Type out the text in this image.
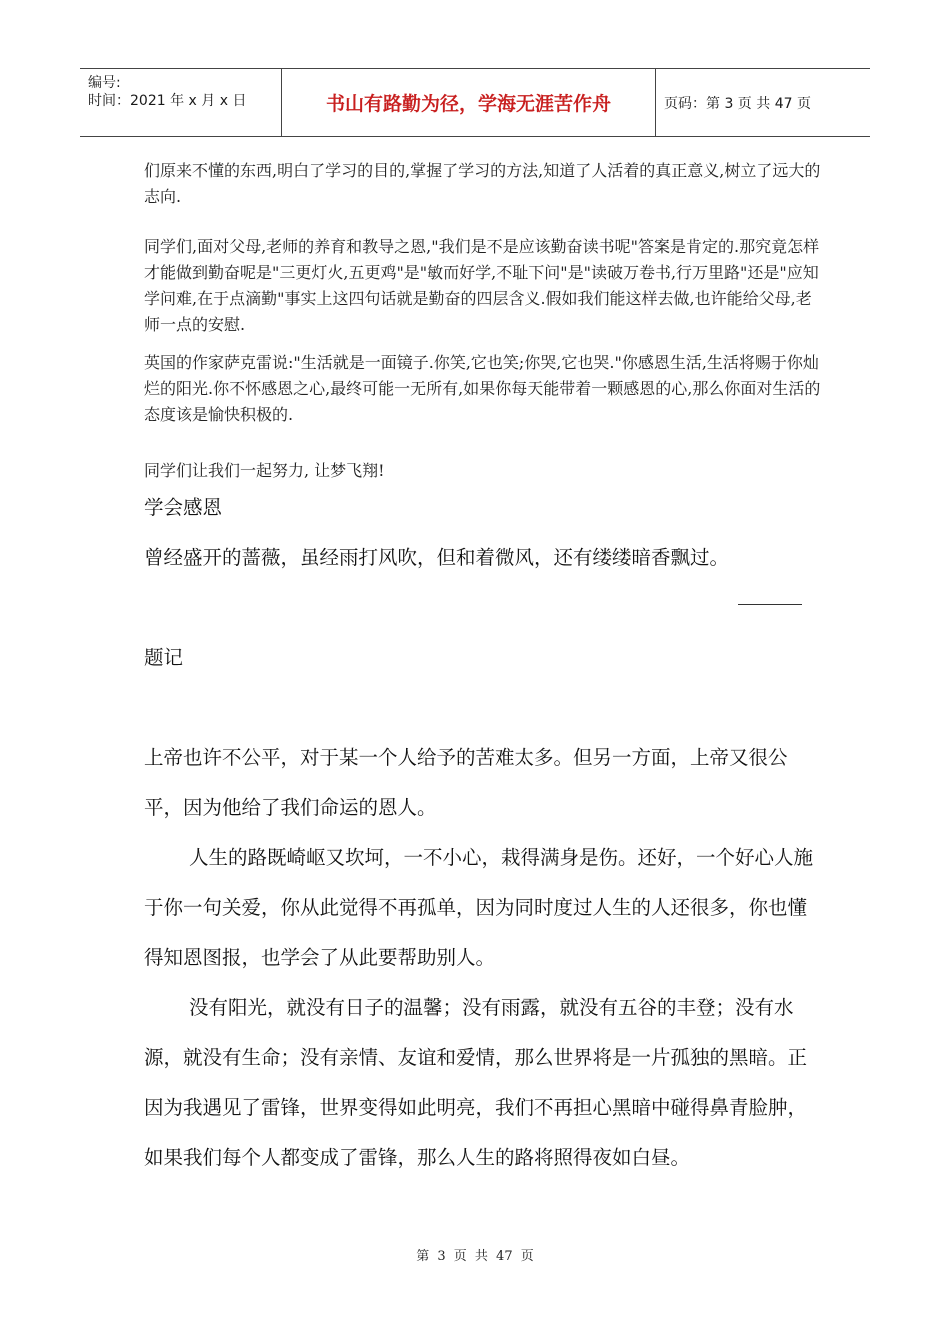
编号:
时间：2021 年 x 月 x 日	书山有路勤为径，学海无涯苦作舟	页码：第 3 页 共 47 页
们原来不懂的东西,明白了学习的目的,掌握了学习的方法,知道了人活着的真正意义,树立了远大的志向.
同学们,面对父母,老师的养育和教导之恩,"我们是不是应该勤奋读书呢"答案是肯定的.那究竟怎样才能做到勤奋呢是"三更灯火,五更鸡"是"敏而好学,不耻下问"是"读破万卷书,行万里路"还是"应知学问难,在于点滴勤"事实上这四句话就是勤奋的四层含义.假如我们能这样去做,也许能给父母,老师一点的安慰.
英国的作家萨克雷说:"生活就是一面镜子.你笑,它也笑;你哭,它也哭."你感恩生活,生活将赐于你灿烂的阳光.你不怀感恩之心,最终可能一无所有,如果你每天能带着一颗感恩的心,那么你面对生活的态度该是愉快积极的.
同学们让我们一起努力, 让梦飞翔!
学会感恩
曾经盛开的蔷薇，虽经雨打风吹，但和着微风，还有缕缕暗香飘过。
题记
上帝也许不公平，对于某一个人给予的苦难太多。但另一方面，上帝又很公平，因为他给了我们命运的恩人。
人生的路既崎岖又坎坷，一不小心，栽得满身是伤。还好，一个好心人施于你一句关爱，你从此觉得不再孤单，因为同时度过人生的人还很多，你也懂得知恩图报，也学会了从此要帮助别人。
没有阳光，就没有日子的温馨；没有雨露，就没有五谷的丰登；没有水源，就没有生命；没有亲情、友谊和爱情，那么世界将是一片孤独的黑暗。正因为我遇见了雷锋，世界变得如此明亮，我们不再担心黑暗中碰得鼻青脸肿，如果我们每个人都变成了雷锋，那么人生的路将照得夜如白昼。
第 3 页 共 47 页
